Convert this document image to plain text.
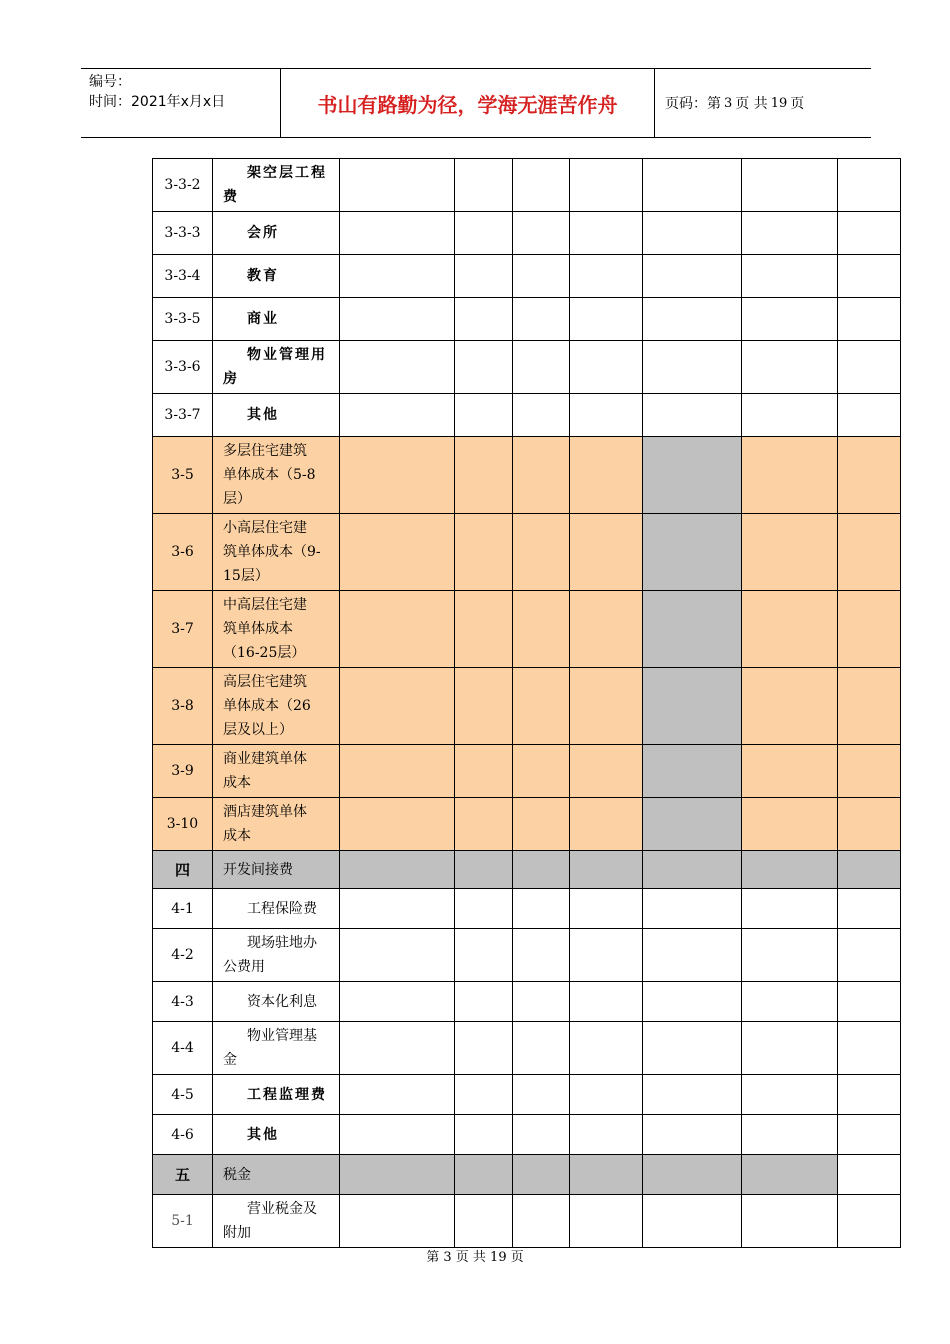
编号：
时间：2021年x月x日	书山有路勤为径，学海无涯苦作舟	页码：第 3 页 共 19 页
3-3-2	架空层工程
费							

3-3-3	会所							

3-3-4	教育							

3-3-5	商业							

3-3-6	物业管理用
房							

3-3-7	其他							

3-5	多层住宅建筑
单体成本（5-8
层）							

3-6	小高层住宅建
筑单体成本（9-
15层）							

3-7	中高层住宅建
筑单体成本
（16-25层）							

3-8	高层住宅建筑
单体成本（26
层及以上）							

3-9	商业建筑单体
成本							

3-10	酒店建筑单体
成本							

四	开发间接费							

4-1	工程保险费							

4-2	现场驻地办
公费用							

4-3	资本化利息							

4-4	物业管理基
金							

4-5	工程监理费							

4-6	其他							

五	税金							

5-1	营业税金及
附加							

第 3 页 共 19 页
